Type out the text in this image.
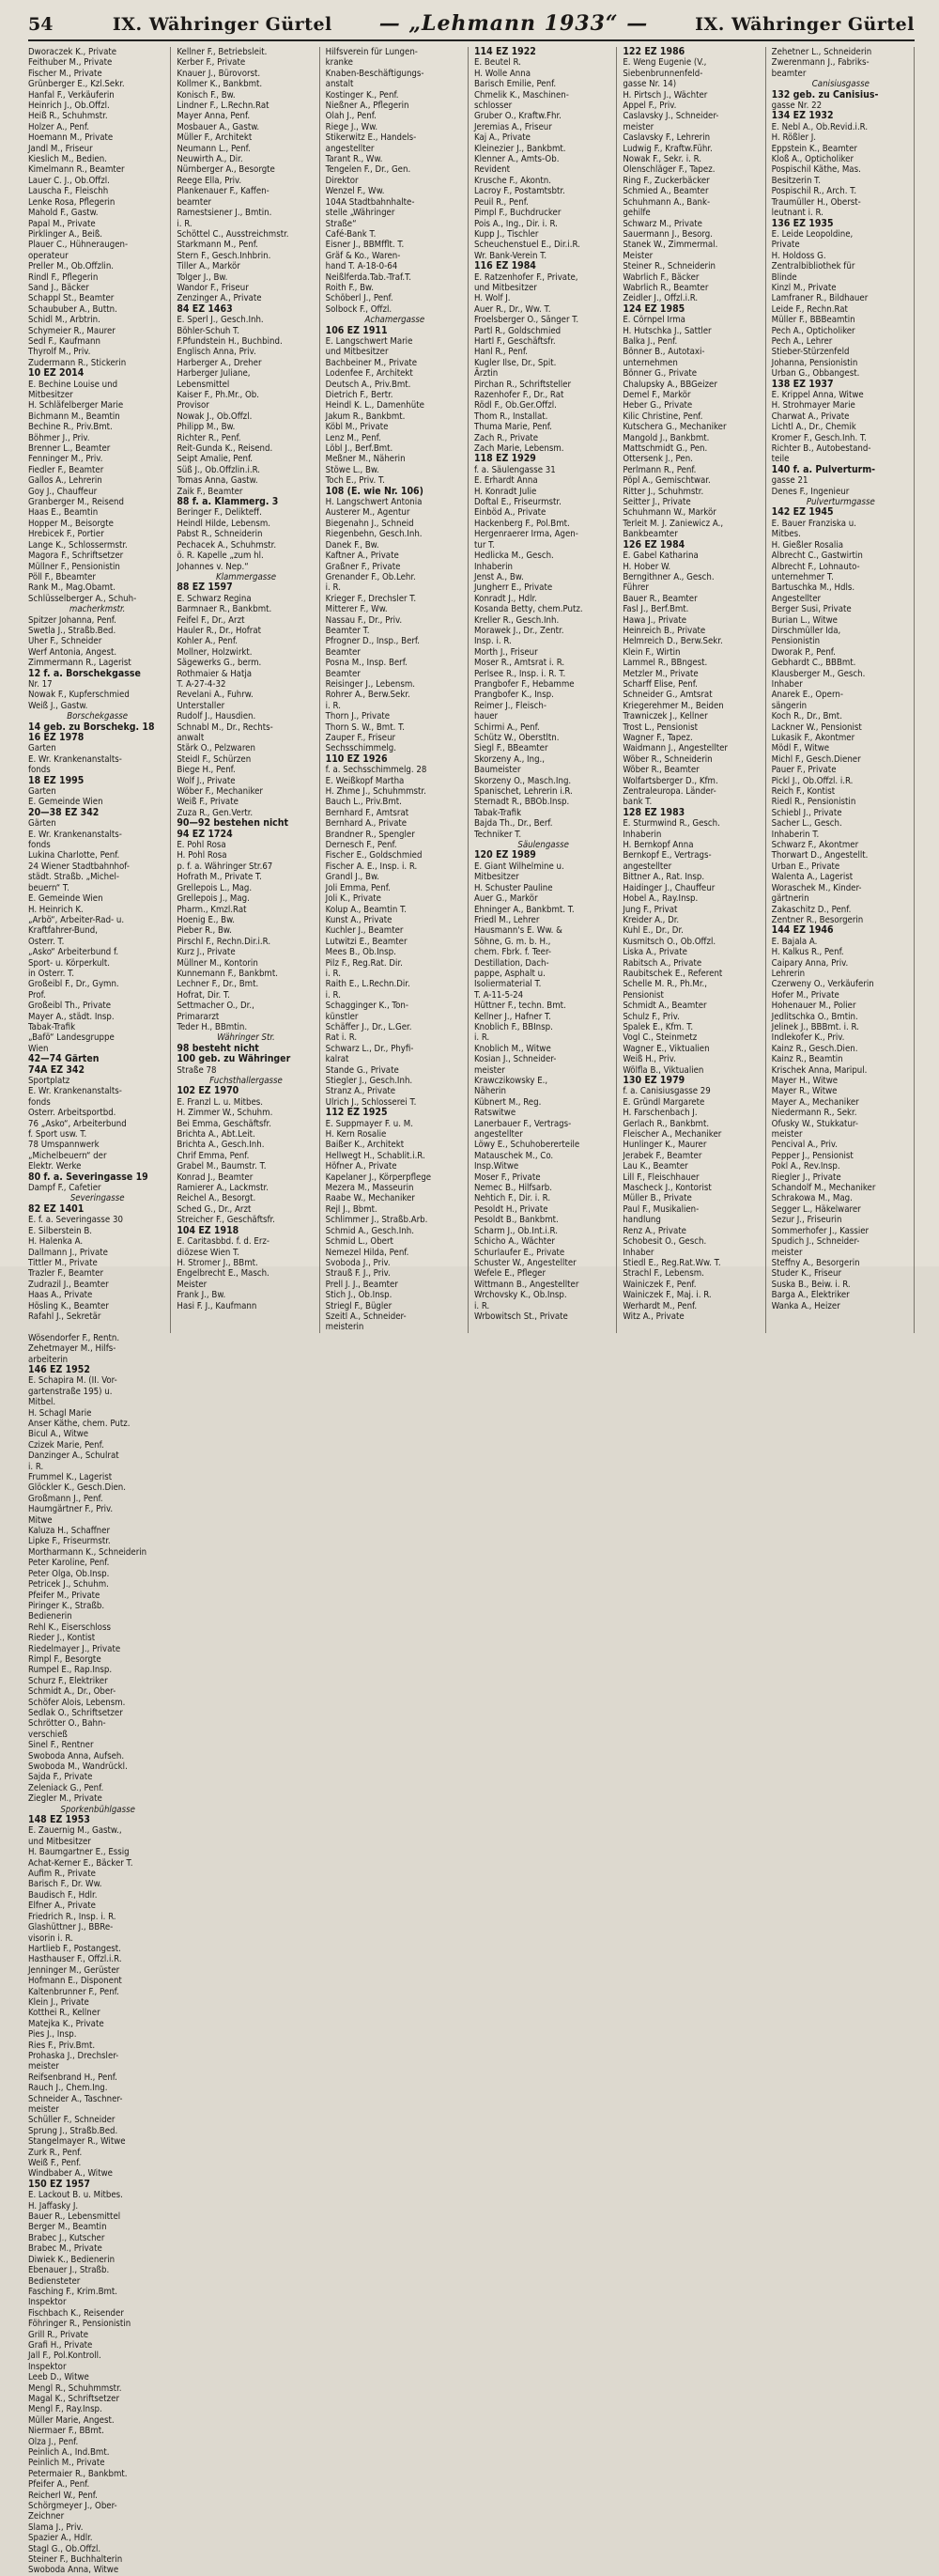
54	IX. Währinger Gürtel — „Lehmann 1933“ —	IX. Währinger Gürtel
Dworaczek K., Private
Feithuber M., Private
Fischer M., Private
Grünberger E., Kzl.Sekr.
Hanfal F., Verkäuferin
Heinrich J., Ob.Offzl.
Heiß R., Schuhmstr.
Holzer A., Penf.
Hoemann M., Private
Jandl M., Friseur
Kieslich M., Bedien.
Kimelmann R., Beamter
Lauer C. J., Ob.Offzl.
Lauscha F., Fleischh
Lenke Rosa, Pflegerin
Mahold F., Gastw.
Papal M., Private
Pirklinger A., Beiß.
Plauer C., Hühneraugen-
operateur
Preller M., Ob.Offzlin.
Rindl F., Pflegerin
Sand J., Bäcker
Schappl St., Beamter
Schaububer A., Buttn.
Schidl M., Arbtrin.
Schymeier R., Maurer
Sedl F., Kaufmann
Thyrolf M., Priv.
Zudermann R., Stickerin
10 EZ 2014
E. Bechine Louise und
Mitbesitzer
H. Schläfelberger Marie
Bichmann M., Beamtin
Bechine R., Priv.Bmt.
Böhmer J., Priv.
Brenner L., Beamter
Fenninger M., Priv.
Fiedler F., Beamter
Gallos A., Lehrerin
Goy J., Chauffeur
Granberger M., Reisend
Haas E., Beamtin
Hopper M., Beisorgte
Hrebicek F., Portier
Lange K., Schlossermstr.
Magora F., Schriftsetzer
Müllner F., Pensionistin
Pöll F., Bbeamter
Rank M., Mag.Obamt.
Schlüsselberger A., Schuh-
macherkmstr.
Spitzer Johanna, Penf.
Swetla J., Straßb.Bed.
Uher F., Schneider
Werf Antonia, Angest.
Zimmermann R., Lagerist
12 f. a. Borschekgasse
Nr. 17
Nowak F., Kupferschmied
Weiß J., Gastw.
Borschekgasse
14 geb. zu Borschekg. 18
16 EZ 1978
Garten
E. Wr. Krankenanstalts-
fonds
18 EZ 1995
Garten
E. Gemeinde Wien
20—38 EZ 342
Gärten
E. Wr. Krankenanstalts-
fonds
Lukina Charlotte, Penf.
24 Wiener Stadtbahnhof-
städt. Straßb. „Michel-
beuern“ T.
E. Gemeinde Wien
H. Heinrich K.
„Arbö“, Arbeiter-Rad- u.
Kraftfahrer-Bund,
Osterr. T.
„Asko“ Arbeiterbund f.
Sport- u. Körperkult.
in Osterr. T.
Großeibl F., Dr., Gymn.
Prof.
Großeibl Th., Private
Mayer A., städt. Insp.
Tabak-Trafik
„Bafö“ Landesgruppe
Wien
42—74 Gärten
74A EZ 342
Sportplatz
E. Wr. Krankenanstalts-
fonds
Osterr. Arbeitsportbd.
76 „Asko“, Arbeiterbund
f. Sport usw. T.
78 Umspannwerk
„Michelbeuern“ der
Elektr. Werke
80 f. a. Severingasse 19
Dampf F., Cafetier
Severingasse
82 EZ 1401
E. f. a. Severingasse 30
E. Silberstein B.
H. Halenka A.
Dallmann J., Private
Tittler M., Private
Trazler F., Beamter
Zudrazil J., Beamter
Haas A., Private
Hösling K., Beamter
Rafahl J., Sekretär
Kellner F., Betriebsleit.
Kerber F., Private
Knauer J., Bürovorst.
Kollmer K., Bankbmt.
Konisch F., Bw.
Lindner F., L.Rechn.Rat
Mayer Anna, Penf.
Mosbauer A., Gastw.
Müller F., Architekt
Neumann L., Penf.
Neuwirth A., Dir.
Nürnberger A., Besorgte
Reege Ella, Priv.
Plankenauer F., Kaffen-
beamter
Ramestsiener J., Bmtin.
i. R.
Schöttel C., Ausstreichmstr.
Starkmann M., Penf.
Stern F., Gesch.Inhbrin.
Tiller A., Markör
Tolger J., Bw.
Wandor F., Friseur
Zenzinger A., Private
84 EZ 1463
E. Sperl J., Gesch.Inh.
Böhler-Schuh T.
F.Pfundstein H., Buchbind.
Englisch Anna, Priv.
Harberger A., Dreher
Harberger Juliane,
Lebensmittel
Kaiser F., Ph.Mr., Ob.
Provisor
Nowak J., Ob.Offzl.
Philipp M., Bw.
Richter R., Penf.
Reit-Gunda K., Reisend.
Seipt Amalie, Penf.
Süß J., Ob.Offzlin.i.R.
Tomas Anna, Gastw.
Zaik F., Beamter
88 f. a. Klammerg. 3
Beringer F., Delikteff.
Heindl Hilde, Lebensm.
Pabst R., Schneiderin
Pechacek A., Schuhmstr.
ö. R. Kapelle „zum hl.
Johannes v. Nep.“
Klammergasse
88 EZ 1597
E. Schwarz Regina
Barmnaer R., Bankbmt.
Feifel F., Dr., Arzt
Hauler R., Dr., Hofrat
Kohler A., Penf.
Mollner, Holzwirkt.
Sägewerks G., berm.
Rothmaier & Hatja
T. A-27-4-32
Revelani A., Fuhrw.
Unterstaller
Rudolf J., Hausdien.
Schnabl M., Dr., Rechts-
anwalt
Stärk O., Pelzwaren
Steidl F., Schürzen
Biege H., Penf.
Wolf J., Private
Wöber F., Mechaniker
Weiß F., Private
Zuza R., Gen.Vertr.
90—92 bestehen nicht
94 EZ 1724
E. Pohl Rosa
H. Pohl Rosa
p. f. a. Währinger Str.67
Hofrath M., Private T.
Grellepois L., Mag.
Grellepois J., Mag.
Pharm., Kmzl.Rat
Hoenig E., Bw.
Pieber R., Bw.
Pirschl F., Rechn.Dir.i.R.
Kurz J., Private
Müllner M., Kontorin
Kunnemann F., Bankbmt.
Lechner F., Dr., Bmt.
Hofrat, Dir. T.
Settmacher O., Dr.,
Primararzt
Teder H., BBmtin.
Währinger Str.
98 besteht nicht
100 geb. zu Währinger
Straße 78
Fuchsthallergasse
102 EZ 1970
E. Franzl L. u. Mitbes.
H. Zimmer W., Schuhm.
Bei Emma, Geschäftsfr.
Brichta A., Abt.Leit.
Brichta A., Gesch.Inh.
Chrif Emma, Penf.
Grabel M., Baumstr. T.
Konrad J., Beamter
Ramierer A., Lackmstr.
Reichel A., Besorgt.
Sched G., Dr., Arzt
Streicher F., Geschäftsfr.
104 EZ 1918
E. Caritasbbd. f. d. Erz-
diözese Wien T.
H. Stromer J., BBmt.
Engelbrecht E., Masch.
Meister
Frank J., Bw.
Hasi F. J., Kaufmann
Hilfsverein für Lungen-
kranke
Knaben-Beschäftigungs-
anstalt
Kostinger K., Penf.
Nießner A., Pflegerin
Olah J., Penf.
Riege J., Ww.
Stikerwitz E., Handels-
angestellter
Tarant R., Ww.
Tengelen F., Dr., Gen.
Direktor
Wenzel F., Ww.
104A Stadtbahnhalte-
stelle „Währinger
Straße“
Café-Bank T.
Eisner J., BBMfflt. T.
Gräf & Ko., Waren-
hand T. A-18-0-64
Neißlferda.Tab.-Traf.T.
Roith F., Bw.
Schöberl J., Penf.
Solbock F., Offzl.
Achamergasse
106 EZ 1911
E. Langschwert Marie
und Mitbesitzer
Bachbeiner M., Private
Lodenfee F., Architekt
Deutsch A., Priv.Bmt.
Dietrich F., Bertr.
Heindl K. L., Damenhüte
Jakum R., Bankbmt.
Köbl M., Private
Lenz M., Penf.
Löbl J., Berf.Bmt.
Meßner M., Näherin
Stöwe L., Bw.
Toch E., Priv. T.
108 (E. wie Nr. 106)
H. Langschwert Antonia
Austerer M., Agentur
Biegenahn J., Schneid
Riegenbehn, Gesch.Inh.
Danek F., Bw.
Kaftner A., Private
Graßner F., Private
Grenander F., Ob.Lehr.
i. R.
Krieger F., Drechsler T.
Mitterer F., Ww.
Nassau F., Dr., Priv.
Beamter T.
Pfrogner D., Insp., Berf.
Beamter
Posna M., Insp. Berf.
Beamter
Reisinger J., Lebensm.
Rohrer A., Berw.Sekr.
i. R.
Thorn J., Private
Thorn S. W., Bmt. T.
Zauper F., Friseur
Sechsschimmelg.
110 EZ 1926
f. a. Sechsschimmelg. 28
E. Weißkopf Martha
H. Zhme J., Schuhmmstr.
Bauch L., Priv.Bmt.
Bernhard F., Amtsrat
Bernhard A., Private
Brandner R., Spengler
Dernesch F., Penf.
Fischer E., Goldschmied
Fischer A. E., Insp. i. R.
Grandl J., Bw.
Joli Emma, Penf.
Joli K., Private
Kolup A., Beamtin T.
Kunst A., Private
Kuchler J., Beamter
Lutwitzi E., Beamter
Mees B., Ob.Insp.
Pilz F., Reg.Rat. Dir.
i. R.
Raith E., L.Rechn.Dir.
i. R.
Schagginger K., Ton-
künstler
Schäffer J., Dr., L.Ger.
Rat i. R.
Schwarz L., Dr., Phyfi-
kalrat
Stande G., Private
Stiegler J., Gesch.Inh.
Stranz A., Private
Ulrich J., Schlosserei T.
112 EZ 1925
E. Suppmayer F. u. M.
H. Kern Rosalie
Baißer K., Architekt
Hellwegt H., Schablit.i.R.
Höfner A., Private
Kapelaner J., Körperpflege
Mezera M., Masseurin
Raabe W., Mechaniker
Rejl J., Bbmt.
Schlimmer J., Straßb.Arb.
Schmid A., Gesch.Inh.
Schmid L., Obert
Nemezel Hilda, Penf.
Svoboda J., Priv.
Strauß F. J., Priv.
Prell J. J., Beamter
Stich J., Ob.Insp.
Striegl F., Bügler
Szeitl A., Schneider-
meisterin
114 EZ 1922
E. Beutel R.
H. Wolle Anna
Barisch Emilie, Penf.
Chmelik K., Maschinen-
schlosser
Gruber O., Kraftw.Fhr.
Jeremias A., Friseur
Kaj A., Private
Kleinezier J., Bankbmt.
Klenner A., Amts-Ob.
Revident
Krusche F., Akontn.
Lacroy F., Postamtsbtr.
Peuil R., Penf.
Pimpl F., Buchdrucker
Pois A., Ing., Dir. i. R.
Kupp J., Tischler
Scheuchenstuel E., Dir.i.R.
Wr. Bank-Verein T.
116 EZ 1984
E. Ratzenhofer F., Private,
und Mitbesitzer
H. Wolf J.
Auer R., Dr., Ww. T.
Froelsberger O., Sänger T.
Partl R., Goldschmied
Hartl F., Geschäftsfr.
Hanl R., Penf.
Kugler Ilse, Dr., Spit.
Ärztin
Pirchan R., Schriftsteller
Razenhofer F., Dr., Rat
Rödl F., Ob.Ger.Offzl.
Thom R., Installat.
Thuma Marie, Penf.
Zach R., Private
Zach Marie, Lebensm.
118 EZ 1929
f. a. Säulengasse 31
E. Erhardt Anna
H. Konradt Julie
Doftal E., Friseurmstr.
Einböd A., Private
Hackenberg F., Pol.Bmt.
Hergenraerer Irma, Agen-
tur T.
Hedlicka M., Gesch.
Inhaberin
Jenst A., Bw.
Jungherr E., Private
Konradt J., Hdlr.
Kosanda Betty, chem.Putz.
Kreller R., Gesch.Inh.
Morawek J., Dr., Zentr.
Insp. i. R.
Morth J., Friseur
Moser R., Amtsrat i. R.
Perlsee R., Insp. i. R. T.
Prangbofer F., Hebamme
Prangbofer K., Insp.
Reimer J., Fleisch-
hauer
Schirmi A., Penf.
Schütz W., Oberstltn.
Siegl F., BBeamter
Skorzeny A., Ing.,
Baumeister
Skorzeny O., Masch.Ing.
Spanischet, Lehrerin i.R.
Sternadt R., BBOb.Insp.
Tabak-Trafik
Bajda Th., Dr., Berf.
Techniker T.
Säulengasse
120 EZ 1989
E. Giant Wilhelmine u.
Mitbesitzer
H. Schuster Pauline
Auer G., Markör
Ehninger A., Bankbmt. T.
Friedl M., Lehrer
Hausmann's E. Ww. &
Söhne, G. m. b. H.,
chem. Fbrk. f. Teer-
Destillation, Dach-
pappe, Asphalt u.
Isoliermaterial T.
T. A-11-5-24
Hüttner F., techn. Bmt.
Kellner J., Hafner T.
Knoblich F., BBInsp.
i. R.
Knoblich M., Witwe
Kosian J., Schneider-
meister
Krawczikowsky E.,
Näherin
Kübnert M., Reg.
Ratswitwe
Lanerbauer F., Vertrags-
angestellter
Löwy E., Schuhobererteile
Matauschek M., Co.
Insp.Witwe
Moser F., Private
Nemec B., Hilfsarb.
Nehtich F., Dir. i. R.
Pesoldt H., Private
Pesoldt B., Bankbmt.
Scharm J., Ob.Int.i.R.
Schicho A., Wächter
Schurlaufer E., Private
Schuster W., Angestellter
Wefele E., Pfleger
Wittmann B., Angestellter
Wrchovsky K., Ob.Insp.
i. R.
Wrbowitsch St., Private
122 EZ 1986
E. Weng Eugenie (V.,
Siebenbrunnenfeld-
gasse Nr. 14)
H. Pirtsch J., Wächter
Appel F., Priv.
Caslavsky J., Schneider-
meister
Caslavsky F., Lehrerin
Ludwig F., Kraftw.Führ.
Nowak F., Sekr. i. R.
Olenschläger F., Tapez.
Ring F., Zuckerbäcker
Schmied A., Beamter
Schuhmann A., Bank-
gehilfe
Schwarz M., Private
Sauermann J., Besorg.
Stanek W., Zimmermal.
Meister
Steiner R., Schneiderin
Wabrlich F., Bäcker
Wabrlich R., Beamter
Zeidler J., Offzl.i.R.
124 EZ 1985
E. Cörnpel Irma
H. Hutschka J., Sattler
Balka J., Penf.
Bönner B., Autotaxi-
unternehmen
Bönner G., Private
Chalupsky A., BBGeizer
Demel F., Markör
Heber G., Private
Kilic Christine, Penf.
Kutschera G., Mechaniker
Mangold J., Bankbmt.
Mattschmidt G., Pen.
Ottersenk J., Pen.
Perlmann R., Penf.
Pöpl A., Gemischtwar.
Ritter J., Schuhmstr.
Seitter J., Private
Schuhmann W., Markör
Terleit M. J. Zaniewicz A.,
Bankbeamter
126 EZ 1984
E. Gabel Katharina
H. Hober W.
Berngithner A., Gesch.
Führer
Bauer R., Beamter
Fasl J., Berf.Bmt.
Hawa J., Private
Heinreich B., Private
Helmreich D., Berw.Sekr.
Klein F., Wirtin
Lammel R., BBngest.
Metzler M., Private
Scharff Elise, Penf.
Schneider G., Amtsrat
Kriegerehmer M., Beiden
Trawniczek J., Kellner
Trost L., Pensionist
Wagner F., Tapez.
Waidmann J., Angestellter
Wöber R., Schneiderin
Wöber R., Beamter
Wolfartsberger D., Kfm.
Zentraleuropa. Länder-
bank T.
128 EZ 1983
E. Sturmwind R., Gesch.
Inhaberin
H. Bernkopf Anna
Bernkopf E., Vertrags-
angestellter
Bittner A., Rat. Insp.
Haidinger J., Chauffeur
Hobel A., Ray.Insp.
Jung F., Privat
Kreider A., Dr.
Kuhl E., Dr., Dr.
Kusmitsch O., Ob.Offzl.
Liska A., Private
Rabitsch A., Private
Raubitschek E., Referent
Schelle M. R., Ph.Mr.,
Pensionist
Schmidt A., Beamter
Schulz F., Priv.
Spalek E., Kfm. T.
Vogl C., Steinmetz
Wagner E., Viktualien
Weiß H., Priv.
Wölfla B., Viktualien
130 EZ 1979
f. a. Canisiusgasse 29
E. Gründl Margarete
H. Farschenbach J.
Gerlach R., Bankbmt.
Fleischer A., Mechaniker
Hunlinger K., Maurer
Jerabek F., Beamter
Lau K., Beamter
Lill F., Fleischhauer
Mascheck J., Kontorist
Müller B., Private
Paul F., Musikalien-
handlung
Renz A., Private
Schobesit O., Gesch.
Inhaber
Stiedl E., Reg.Rat.Ww. T.
Strachl F., Lebensm.
Wainiczek F., Penf.
Wainiczek F., Maj. i. R.
Werhardt M., Penf.
Witz A., Private
Zehetner L., Schneiderin
Zwerenmann J., Fabriks-
beamter
Canisiusgasse
132 geb. zu Canisius-
gasse Nr. 22
134 EZ 1932
E. Nebl A., Ob.Revid.i.R.
H. Rößler J.
Eppstein K., Beamter
Kloß A., Opticholiker
Pospischil Käthe, Mas.
Besitzerin T.
Pospischil R., Arch. T.
Traumüller H., Oberst-
leutnant i. R.
136 EZ 1935
E. Leide Leopoldine,
Private
H. Holdoss G.
Zentralbibliothek für
Blinde
Kinzl M., Private
Lamfraner R., Bildhauer
Leide F., Rechn.Rat
Müller F., BBBeamtin
Pech A., Opticholiker
Pech A., Lehrer
Stieber-Stürzenfeld
Johanna, Pensionistin
Urban G., Obbangest.
138 EZ 1937
E. Krippel Anna, Witwe
H. Strohmayer Marie
Charwat A., Private
Lichtl A., Dr., Chemik
Kromer F., Gesch.Inh. T.
Richter B., Autobestand-
teile
140 f. a. Pulverturm-
gasse 21
Denes F., Ingenieur
Pulverturmgasse
142 EZ 1945
E. Bauer Franziska u.
Mitbes.
H. Gießler Rosalia
Albrecht C., Gastwirtin
Albrecht F., Lohnauto-
unternehmer T.
Bartuschka M., Hdls.
Angestellter
Berger Susi, Private
Burian L., Witwe
Dirschmüller Ida,
Pensionistin
Dworak P., Penf.
Gebhardt C., BBBmt.
Klausberger M., Gesch.
Inhaber
Anarek E., Opern-
sängerin
Koch R., Dr., Bmt.
Lackner W., Pensionist
Lukasik F., Akontmer
Mödl F., Witwe
Michl F., Gesch.Diener
Pauer F., Private
Pickl J., Ob.Offzl. i.R.
Reich F., Kontist
Riedl R., Pensionistin
Schiebl J., Private
Sacher L., Gesch.
Inhaberin T.
Schwarz F., Akontmer
Thorwart D., Angestellt.
Urban E., Private
Walenta A., Lagerist
Woraschek M., Kinder-
gärtnerin
Zakaschitz D., Penf.
Zentner R., Besorgerin
144 EZ 1946
E. Bajala A.
H. Kalkus R., Penf.
Caipary Anna, Priv.
Lehrerin
Czerweny O., Verkäuferin
Hofer M., Private
Hohenauer M., Polier
Jedlitschka O., Bmtin.
Jelinek J., BBBmt. i. R.
Indlekofer K., Priv.
Kainz R., Gesch.Dien.
Kainz R., Beamtin
Krischek Anna, Maripul.
Mayer H., Witwe
Mayer R., Witwe
Mayer A., Mechaniker
Niedermann R., Sekr.
Ofusky W., Stukkatur-
meister
Pencival A., Priv.
Pepper J., Pensionist
Pokl A., Rev.Insp.
Riegler J., Private
Schandolf M., Mechaniker
Schrakowa M., Mag.
Segger L., Häkelwarer
Sezur J., Friseurin
Sommerhofer J., Kassier
Spudich J., Schneider-
meister
Steffny A., Besorgerin
Studer K., Friseur
Suska B., Beiw. i. R.
Barga A., Elektriker
Wanka A., Heizer
Wösendorfer F., Rentn.
Zehetmayer M., Hilfs-
arbeiterin
146 EZ 1952
E. Schapira M. (II. Vor-
gartenstraße 195) u.
Mitbel.
H. Schagl Marie
Anser Käthe, chem. Putz.
Bicul A., Witwe
Czizek Marie, Penf.
Danzinger A., Schulrat
i. R.
Frummel K., Lagerist
Glöckler K., Gesch.Dien.
Großmann J., Penf.
Haumgärtner F., Priv.
Mitwe
Kaluza H., Schaffner
Lipke F., Friseurmstr.
Mortharmann K., Schneiderin
Peter Karoline, Penf.
Peter Olga, Ob.Insp.
Petricek J., Schuhm.
Pfeifer M., Private
Piringer K., Straßb.
Bedienerin
Rehl K., Eiserschloss
Rieder J., Kontist
Riedelmayer J., Private
Rimpl F., Besorgte
Rumpel E., Rap.Insp.
Schurz F., Elektriker
Schmidt A., Dr., Ober-
Schöfer Alois, Lebensm.
Sedlak O., Schriftsetzer
Schrötter O., Bahn-
verschieß
Sinel F., Rentner
Swoboda Anna, Aufseh.
Swoboda M., Wandrückl.
Sajda F., Private
Zeleniack G., Penf.
Ziegler M., Private
Sporkenbühlgasse
148 EZ 1953
E. Zauernig M., Gastw.,
und Mitbesitzer
H. Baumgartner E., Essig
Achat-Kerner E., Bäcker T.
Aufim R., Private
Barisch F., Dr. Ww.
Baudisch F., Hdlr.
Elfner A., Private
Friedrich R., Insp. i. R.
Glashüttner J., BBRe-
visorin i. R.
Hartlieb F., Postangest.
Hasthauser F., Offzl.i.R.
Jenninger M., Gerüster
Hofmann E., Disponent
Kaltenbrunner F., Penf.
Klein J., Private
Kotthei R., Kellner
Matejka K., Private
Pies J., Insp.
Ries F., Priv.Bmt.
Prohaska J., Drechsler-
meister
Reifsenbrand H., Penf.
Rauch J., Chem.Ing.
Schneider A., Taschner-
meister
Schüller F., Schneider
Sprung J., Straßb.Bed.
Stangelmayer R., Witwe
Zurk R., Penf.
Weiß F., Penf.
Windbaber A., Witwe
150 EZ 1957
E. Lackout B. u. Mitbes.
H. Jaffasky J.
Bauer R., Lebensmittel
Berger M., Beamtin
Brabec J., Kutscher
Brabec M., Private
Diwiek K., Bedienerin
Ebenauer J., Straßb.
Bediensteter
Fasching F., Krim.Bmt.
Inspektor
Fischbach K., Reisender
Föhringer R., Pensionistin
Grill R., Private
Grafi H., Private
Jall F., Pol.Kontroll.
Inspektor
Leeb D., Witwe
Mengl R., Schuhmmstr.
Magal K., Schriftsetzer
Mengl F., Ray.Insp.
Müller Marie, Angest.
Niermaer F., BBmt.
Olza J., Penf.
Peinlich A., Ind.Bmt.
Peinlich M., Private
Petermaier R., Bankbmt.
Pfeifer A., Penf.
Reicherl W., Penf.
Schörgmeyer J., Ober-
Zeichner
Slama J., Priv.
Spazier A., Hdlr.
Stagl G., Ob.Offzl.
Steiner F., Buchhalterin
Swoboda Anna, Witwe
